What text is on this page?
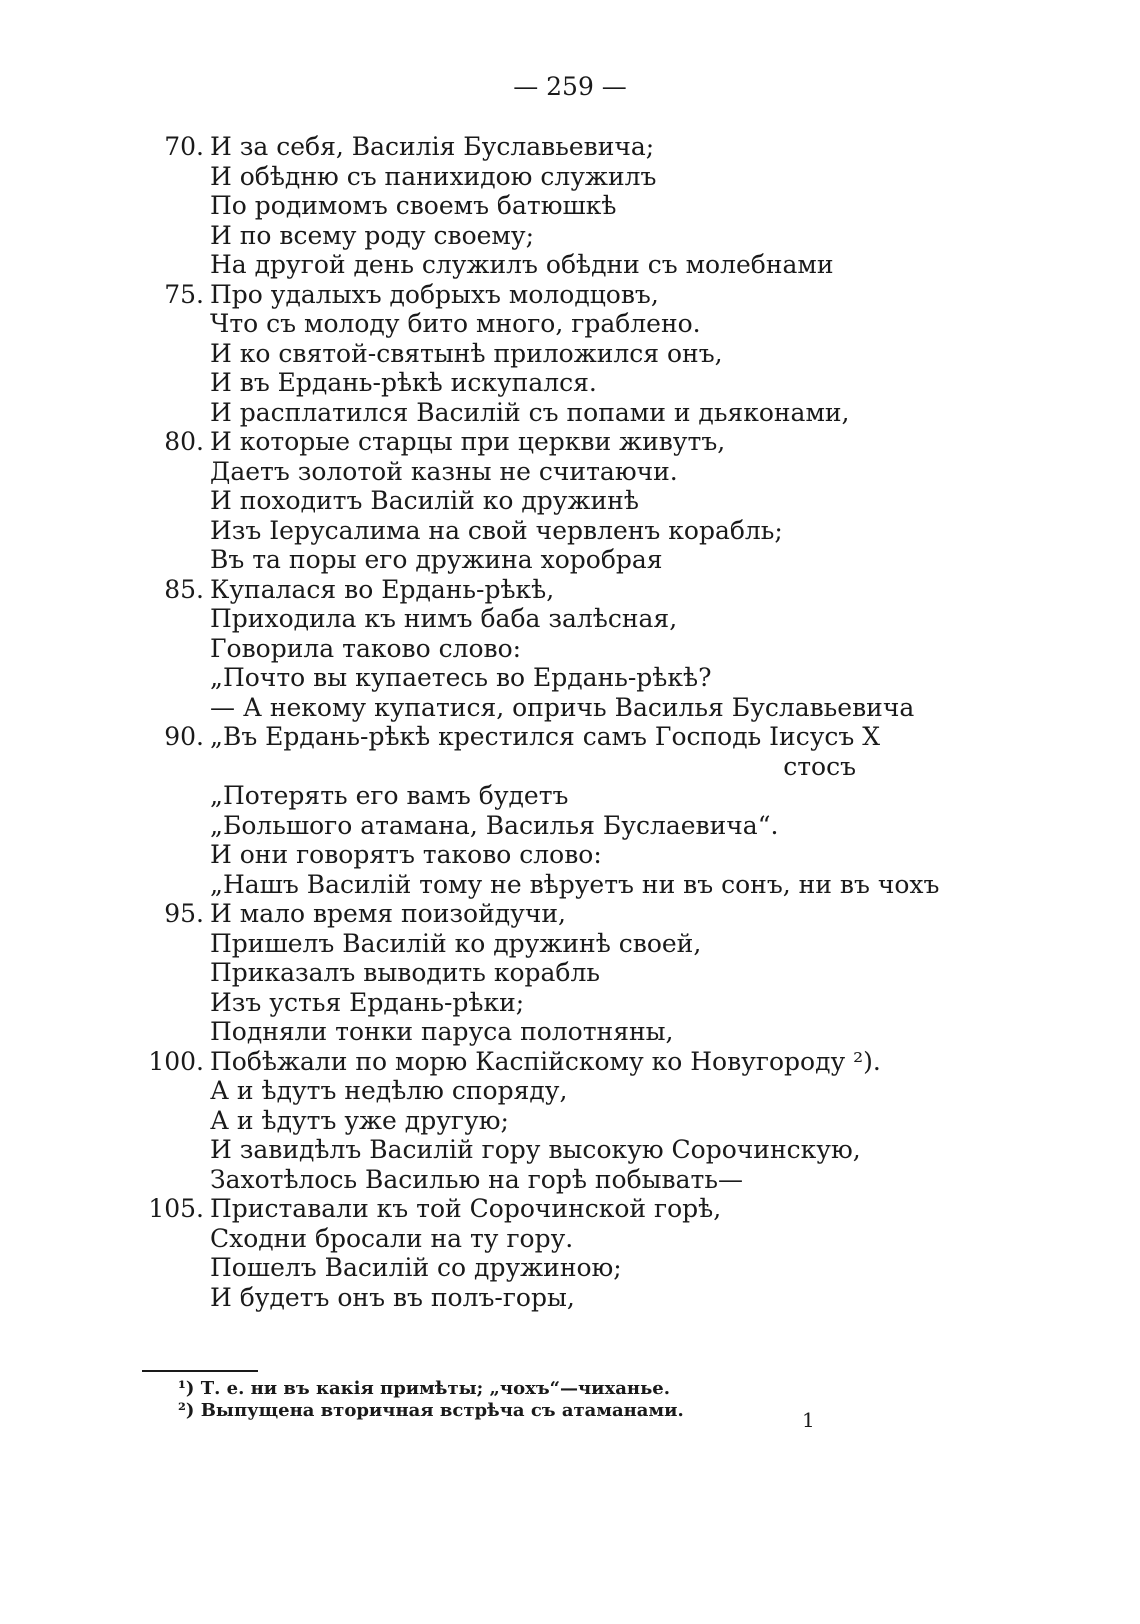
— 259 —
70. И за себя, Василія Буславьевича;
И обѣдню съ панихидою служилъ
По родимомъ своемъ батюшкѣ
И по всему роду своему;
На другой день служилъ обѣдни съ молебнами
75. Про удалыхъ добрыхъ молодцовъ,
Что съ молоду бито много, граблено.
И ко святой-святынѣ приложился онъ,
И въ Ердань-рѣкѣ искупался.
И расплатился Василій съ попами и дьяконами,
80. И которые старцы при церкви живутъ,
Даетъ золотой казны не считаючи.
И походитъ Василій ко дружинѣ
Изъ Іерусалима на свой червленъ корабль;
Въ та поры его дружина хоробрая
85. Купалася во Ердань-рѣкѣ,
Приходила къ нимъ баба залѣсная,
Говорила таково слово:
„Почто вы купаетесь во Ердань-рѣкѣ?
— А некому купатися, опричь Василья Буславьевича
90. „Въ Ердань-рѣкѣ крестился самъ Господь Іисусъ Х
стосъ
„Потерять его вамъ будетъ
„Большого атамана, Василья Буслаевича“.
И они говорятъ таково слово:
„Нашъ Василій тому не вѣруетъ ни въ сонъ, ни въ чохъ
95. И мало время поизойдучи,
Пришелъ Василій ко дружинѣ своей,
Приказалъ выводить корабль
Изъ устья Ердань-рѣки;
Подняли тонки паруса полотняны,
100. Побѣжали по морю Каспійскому ко Новугороду ²).
А и ѣдутъ недѣлю споряду,
А и ѣдутъ уже другую;
И завидѣлъ Василій гору высокую Сорочинскую,
Захотѣлось Василью на горѣ побывать—
105. Приставали къ той Сорочинской горѣ,
Сходни бросали на ту гору.
Пошелъ Василій со дружиною;
И будетъ онъ въ полъ-горы,
¹) Т. е. ни въ какія примѣты; „чохъ“—чиханье.
²) Выпущена вторичная встрѣча съ атаманами.	1
